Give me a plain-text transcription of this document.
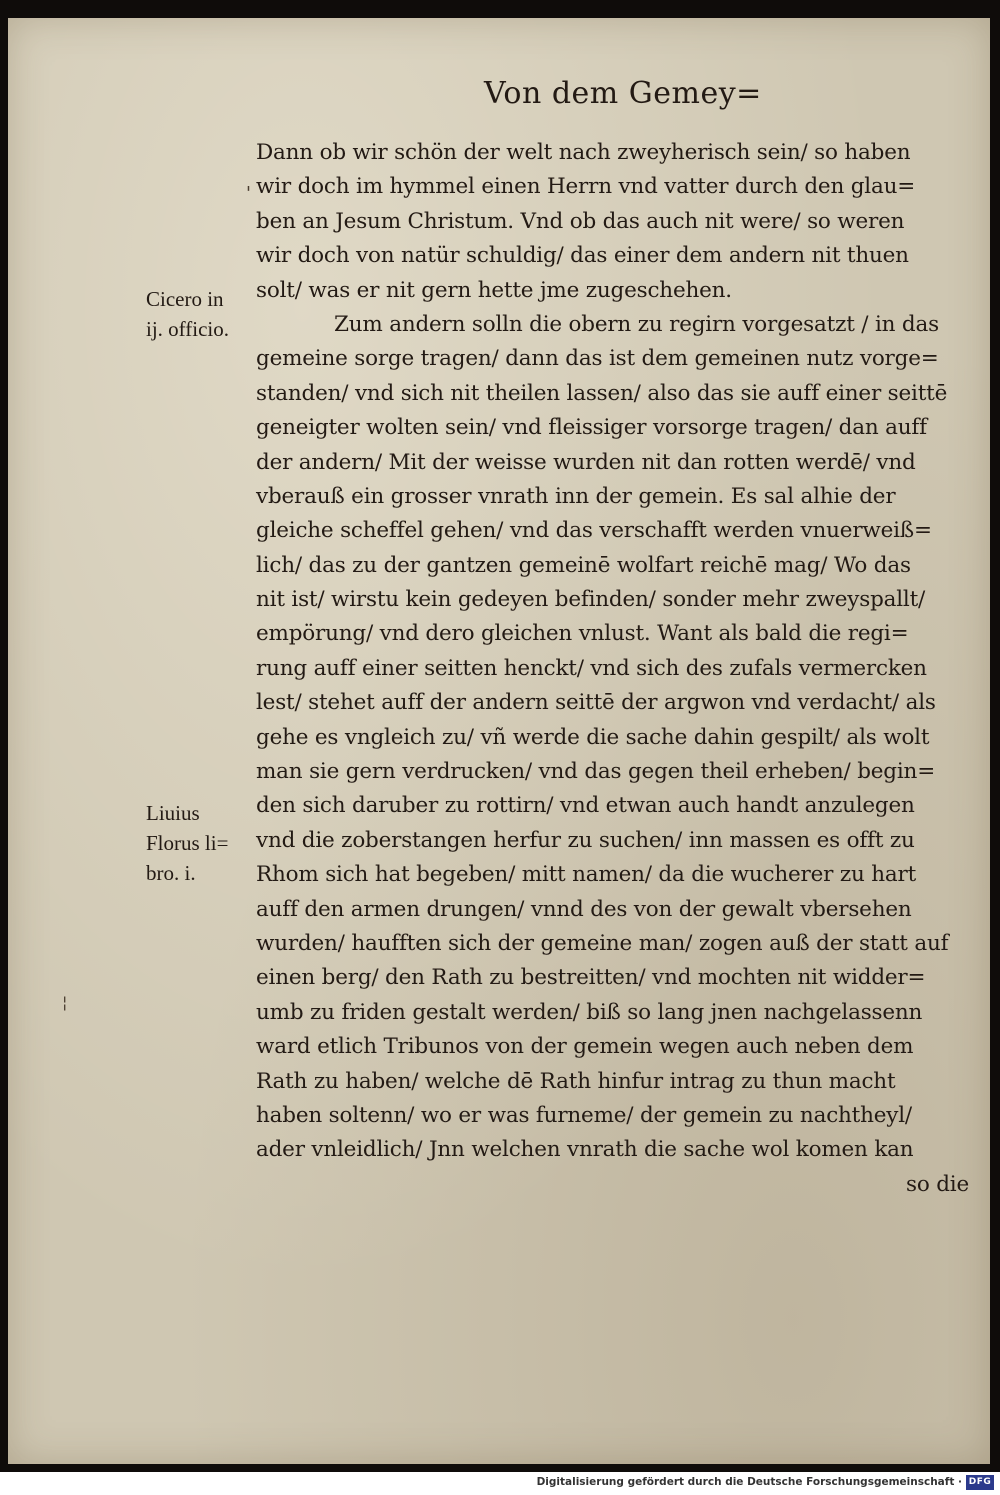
Von dem Gemey=
Cicero in
ij. officio.
Liuius
Florus li=
bro. i.
¦
'
Dann ob wir schön der welt nach zweyherisch sein/ so haben
wir doch im hymmel einen Herrn vnd vatter durch den glau=
ben an Jesum Christum. Vnd ob das auch nit were/ so weren
wir doch von natür schuldig/ das einer dem andern nit thuen
solt/ was er nit gern hette jme zugeschehen.
Zum andern solln die obern zu regirn vorgesatzt / in das
gemeine sorge tragen/ dann das ist dem gemeinen nutz vorge=
standen/ vnd sich nit theilen lassen/ also das sie auff einer seittē
geneigter wolten sein/ vnd fleissiger vorsorge tragen/ dan auff
der andern/ Mit der weisse wurden nit dan rotten werdē/ vnd
vberauß ein grosser vnrath inn der gemein. Es sal alhie der
gleiche scheffel gehen/ vnd das verschafft werden vnuerweiß=
lich/ das zu der gantzen gemeinē wolfart reichē mag/ Wo das
nit ist/ wirstu kein gedeyen befinden/ sonder mehr zweyspallt/
empörung/ vnd dero gleichen vnlust. Want als bald die regi=
rung auff einer seitten henckt/ vnd sich des zufals vermercken
lest/ stehet auff der andern seittē der argwon vnd verdacht/ als
gehe es vngleich zu/ vñ werde die sache dahin gespilt/ als wolt
man sie gern verdrucken/ vnd das gegen theil erheben/ begin=
den sich daruber zu rottirn/ vnd etwan auch handt anzulegen
vnd die zoberstangen herfur zu suchen/ inn massen es offt zu
Rhom sich hat begeben/ mitt namen/ da die wucherer zu hart
auff den armen drungen/ vnnd des von der gewalt vbersehen
wurden/ haufften sich der gemeine man/ zogen auß der statt auf
einen berg/ den Rath zu bestreitten/ vnd mochten nit widder=
umb zu friden gestalt werden/ biß so lang jnen nachgelassenn
ward etlich Tribunos von der gemein wegen auch neben dem
Rath zu haben/ welche dē Rath hinfur intrag zu thun macht
haben soltenn/ wo er was furneme/ der gemein zu nachtheyl/
ader vnleidlich/ Jnn welchen vnrath die sache wol komen kan
so die
Digitalisierung gefördert durch die Deutsche Forschungsgemeinschaft · DFG
